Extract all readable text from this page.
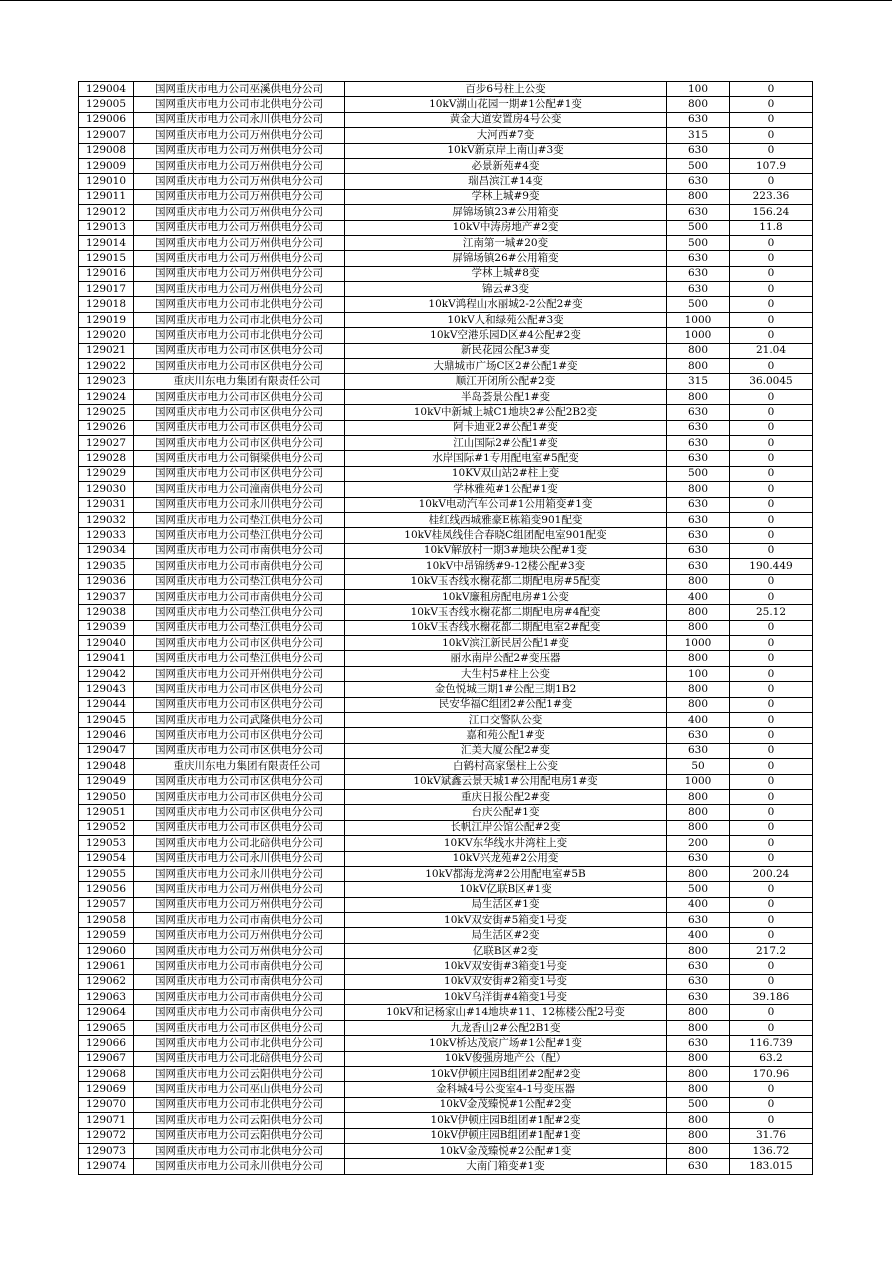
129004	国网重庆市电力公司巫溪供电分公司	百步6号柱上公变	100	0
129005	国网重庆市电力公司市北供电分公司	10kV湖山花园一期#1公配#1变	800	0
129006	国网重庆市电力公司永川供电分公司	黄金大道安置房4号公变	630	0
129007	国网重庆市电力公司万州供电分公司	大河西#7变	315	0
129008	国网重庆市电力公司万州供电分公司	10kV新京岸上南山#3变	630	0
129009	国网重庆市电力公司万州供电分公司	必景新苑#4变	500	107.9
129010	国网重庆市电力公司万州供电分公司	瑞昌滨江#14变	630	0
129011	国网重庆市电力公司万州供电分公司	学林上城#9变	800	223.36
129012	国网重庆市电力公司万州供电分公司	屏锦场镇23#公用箱变	630	156.24
129013	国网重庆市电力公司万州供电分公司	10kV中涛房地产#2变	500	11.8
129014	国网重庆市电力公司万州供电分公司	江南第一城#20变	500	0
129015	国网重庆市电力公司万州供电分公司	屏锦场镇26#公用箱变	630	0
129016	国网重庆市电力公司万州供电分公司	学林上城#8变	630	0
129017	国网重庆市电力公司万州供电分公司	锦云#3变	630	0
129018	国网重庆市电力公司市北供电分公司	10kV鸿程山水丽城2-2公配2#变	500	0
129019	国网重庆市电力公司市北供电分公司	10kV人和绿苑公配#3变	1000	0
129020	国网重庆市电力公司市北供电分公司	10kV空港乐园D区#4公配#2变	1000	0
129021	国网重庆市电力公司市区供电分公司	新民花园公配3#变	800	21.04
129022	国网重庆市电力公司市区供电分公司	大鼎城市广场C区2#公配1#变	800	0
129023	重庆川东电力集团有限责任公司	顺江开闭所公配#2变	315	36.0045
129024	国网重庆市电力公司市区供电分公司	半岛荟景公配1#变	800	0
129025	国网重庆市电力公司市区供电分公司	10kV中新城上城C1地块2#公配2B2变	630	0
129026	国网重庆市电力公司市区供电分公司	阿卡迪亚2#公配1#变	630	0
129027	国网重庆市电力公司市区供电分公司	江山国际2#公配1#变	630	0
129028	国网重庆市电力公司铜梁供电分公司	水岸国际#1专用配电室#5配变	630	0
129029	国网重庆市电力公司市区供电分公司	10KV双山站2#柱上变	500	0
129030	国网重庆市电力公司潼南供电分公司	学林雅苑#1公配#1变	800	0
129031	国网重庆市电力公司永川供电分公司	10kV电动汽车公司#1公用箱变#1变	630	0
129032	国网重庆市电力公司垫江供电分公司	桂红线西城雅豪E栋箱变901配变	630	0
129033	国网重庆市电力公司垫江供电分公司	10kV桂凤线佳合春晓C组团配电室901配变	630	0
129034	国网重庆市电力公司市南供电分公司	10kV解放村一期3#地块公配#1变	630	0
129035	国网重庆市电力公司市南供电分公司	10kV中昂锦绣#9-12楼公配#3变	630	190.449
129036	国网重庆市电力公司垫江供电分公司	10kV玉杏线水榭花都二期配电房#5配变	800	0
129037	国网重庆市电力公司市南供电分公司	10kV廉租房配电房#1公变	400	0
129038	国网重庆市电力公司垫江供电分公司	10kV玉杏线水榭花都二期配电房#4配变	800	25.12
129039	国网重庆市电力公司垫江供电分公司	10kV玉杏线水榭花都二期配电室2#配变	800	0
129040	国网重庆市电力公司市区供电分公司	10kV滨江新民居公配1#变	1000	0
129041	国网重庆市电力公司垫江供电分公司	丽水南岸公配2#变压器	800	0
129042	国网重庆市电力公司开州供电分公司	大生村5#柱上公变	100	0
129043	国网重庆市电力公司市区供电分公司	金色悦城三期1#公配三期1B2	800	0
129044	国网重庆市电力公司市区供电分公司	民安华福C组团2#公配1#变	800	0
129045	国网重庆市电力公司武隆供电分公司	江口交警队公变	400	0
129046	国网重庆市电力公司市区供电分公司	嘉和苑公配1#变	630	0
129047	国网重庆市电力公司市区供电分公司	汇美大厦公配2#变	630	0
129048	重庆川东电力集团有限责任公司	白鹤村高家堡柱上公变	50	0
129049	国网重庆市电力公司市区供电分公司	10kV斌鑫云景天城1#公用配电房1#变	1000	0
129050	国网重庆市电力公司市区供电分公司	重庆日报公配2#变	800	0
129051	国网重庆市电力公司市区供电分公司	台庆公配#1变	800	0
129052	国网重庆市电力公司市区供电分公司	长帆江岸公馆公配#2变	800	0
129053	国网重庆市电力公司北碚供电分公司	10KV东华线水井湾柱上变	200	0
129054	国网重庆市电力公司永川供电分公司	10kV兴龙苑#2公用变	630	0
129055	国网重庆市电力公司永川供电分公司	10kV都海龙湾#2公用配电室#5B	800	200.24
129056	国网重庆市电力公司万州供电分公司	10kV亿联B区#1变	500	0
129057	国网重庆市电力公司万州供电分公司	局生活区#1变	400	0
129058	国网重庆市电力公司市南供电分公司	10kV双安街#5箱变1号变	630	0
129059	国网重庆市电力公司万州供电分公司	局生活区#2变	400	0
129060	国网重庆市电力公司万州供电分公司	亿联B区#2变	800	217.2
129061	国网重庆市电力公司市南供电分公司	10kV双安街#3箱变1号变	630	0
129062	国网重庆市电力公司市南供电分公司	10kV双安街#2箱变1号变	630	0
129063	国网重庆市电力公司市南供电分公司	10kV乌洋街#4箱变1号变	630	39.186
129064	国网重庆市电力公司市南供电分公司	10kV和记杨家山#14地块#11、12栋楼公配2号变	800	0
129065	国网重庆市电力公司市区供电分公司	九龙香山2#公配2B1变	800	0
129066	国网重庆市电力公司市北供电分公司	10kV桥达茂宸广场#1公配#1变	630	116.739
129067	国网重庆市电力公司北碚供电分公司	10kV俊强房地产公（配）	800	63.2
129068	国网重庆市电力公司云阳供电分公司	10kV伊顿庄园B组团#2配#2变	800	170.96
129069	国网重庆市电力公司巫山供电分公司	金科城4号公变室4-1号变压器	800	0
129070	国网重庆市电力公司市北供电分公司	10kV金茂臻悦#1公配#2变	500	0
129071	国网重庆市电力公司云阳供电分公司	10kV伊顿庄园B组团#1配#2变	800	0
129072	国网重庆市电力公司云阳供电分公司	10kV伊顿庄园B组团#1配#1变	800	31.76
129073	国网重庆市电力公司市北供电分公司	10kV金茂臻悦#2公配#1变	800	136.72
129074	国网重庆市电力公司永川供电分公司	大南门箱变#1变	630	183.015
